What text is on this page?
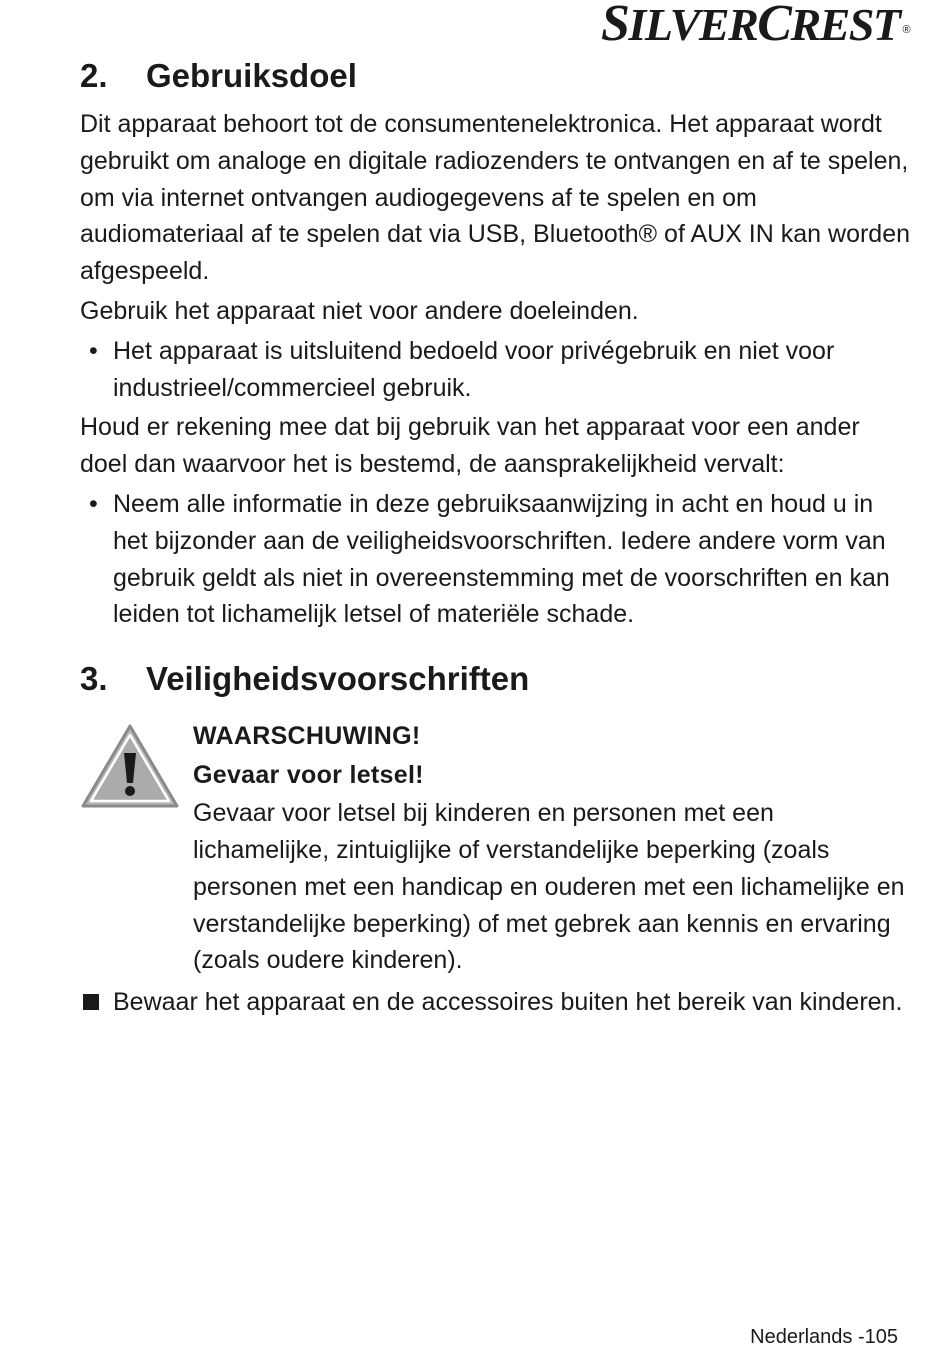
SILVERCREST ®
2.	Gebruiksdoel

Dit apparaat behoort tot de consumentenelektronica. Het apparaat wordt gebruikt om analoge en digitale radiozenders te ontvangen en af te spelen, om via internet ontvangen audiogegevens af te spelen en om audiomateriaal af te spelen dat via USB, Bluetooth® of AUX IN kan worden afgespeeld.

Gebruik het apparaat niet voor andere doeleinden.

• Het apparaat is uitsluitend bedoeld voor privégebruik en niet voor industrieel/commercieel gebruik.

Houd er rekening mee dat bij gebruik van het apparaat voor een ander doel dan waarvoor het is bestemd, de aansprakelijkheid vervalt:

• Neem alle informatie in deze gebruiksaanwijzing in acht en houd u in het bijzonder aan de veiligheidsvoorschriften. Iedere andere vorm van gebruik geldt als niet in overeenstemming met de voorschriften en kan leiden tot lichamelijk letsel of materiële schade.
3.	Veiligheidsvoorschriften
WAARSCHUWING!
Gevaar voor letsel!
Gevaar voor letsel bij kinderen en personen met een lichamelijke, zintuiglijke of verstandelijke beperking (zoals personen met een handicap en ouderen met een lichamelijke en verstandelijke beperking) of met gebrek aan kennis en ervaring (zoals oudere kinderen).
Bewaar het apparaat en de accessoires buiten het bereik van kinderen.
Nederlands -105
